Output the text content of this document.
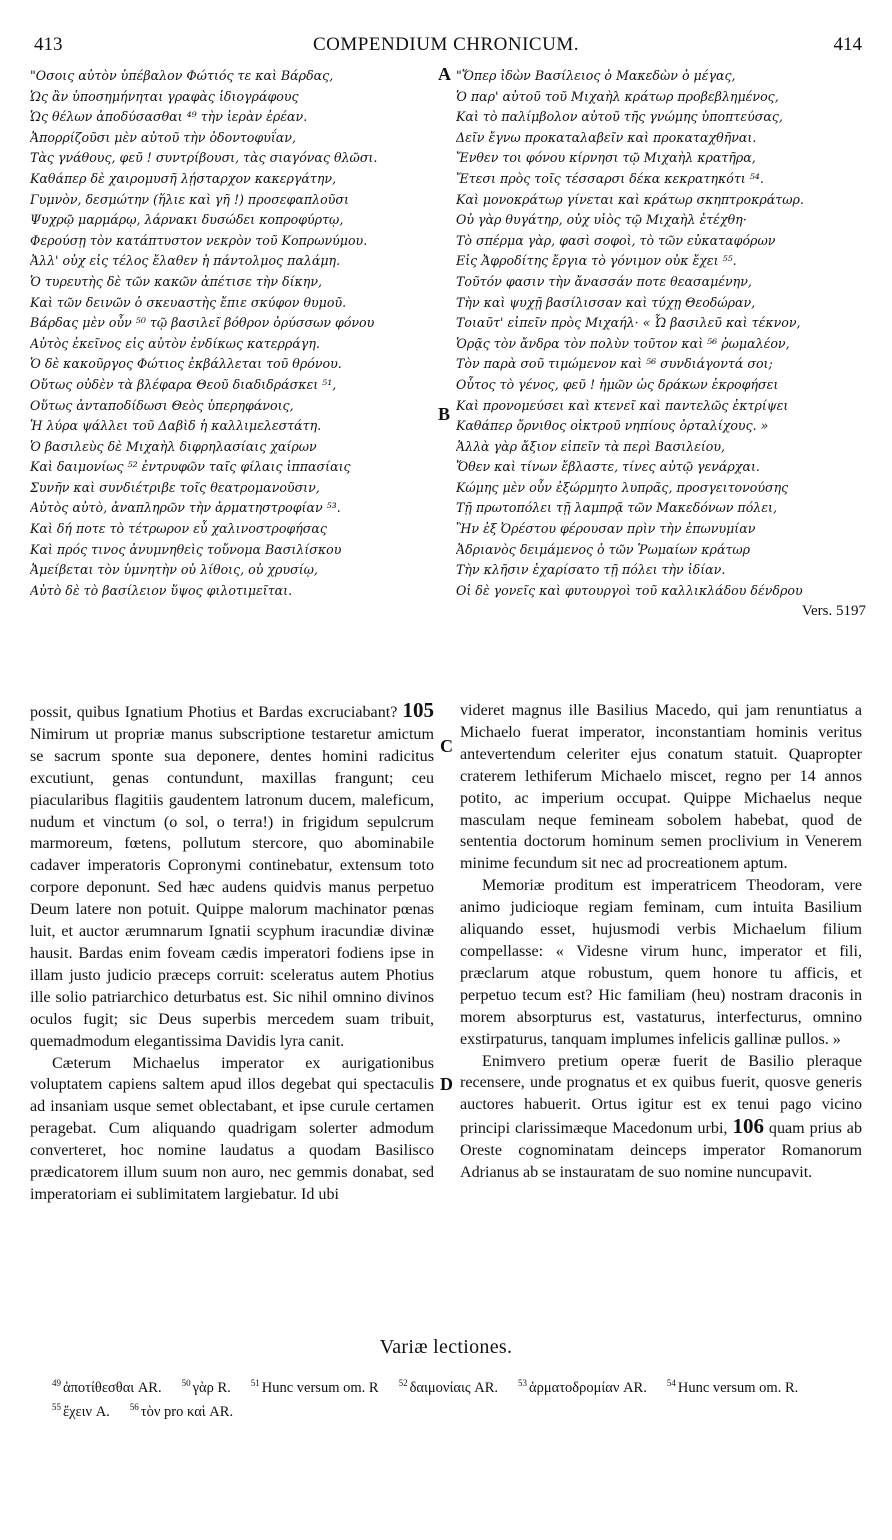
413	COMPENDIUM CHRONICUM.	414
"Οσοις αὐτὸν ὑπέβαλον Φώτιός τε καὶ Βάρδας,
Ὡς ἂν ὑποσημήνηται γραφὰς ἰδιογράφους
Ὡς θέλων ἀποδύσασθαι ⁴⁹ τὴν ἱερὰν ἐρέαν.
Ἀπορρίζοῦσι μὲν αὐτοῦ τὴν ὀδοντοφυΐαν,
Τὰς γνάθους, φεῦ ! συντρίβουσι, τὰς σιαγόνας θλῶσι.
Καθάπερ δὲ χαιρομυσῆ λῄσταρχον κακεργάτην,
Γυμνὸν, δεσμώτην (ἥλιε καὶ γῆ !) προσεφαπλοῦσι
Ψυχρῷ μαρμάρῳ, λάρνακι δυσώδει κοπροφύρτῳ,
Φερούσῃ τὸν κατάπτυστον νεκρὸν τοῦ Κοπρωνύμου.
Ἀλλ' οὐχ εἰς τέλος ἔλαθεν ἡ πάντολμος παλάμη.
Ὁ τυρευτὴς δὲ τῶν κακῶν ἀπέτισε τὴν δίκην,
Καὶ τῶν δεινῶν ὁ σκευαστὴς ἔπιε σκύφον θυμοῦ.
Βάρδας μὲν οὖν ⁵⁰ τῷ βασιλεῖ βόθρον ὀρύσσων φόνου
Αὐτὸς ἐκεῖνος εἰς αὐτὸν ἐνδίκως κατερράγη.
Ὁ δὲ κακοῦργος Φώτιος ἐκβάλλεται τοῦ θρόνου.
Οὕτως οὐδὲν τὰ βλέφαρα Θεοῦ διαδιδράσκει ⁵¹,
Οὕτως ἀνταποδίδωσι Θεὸς ὑπερηφάνοις,
Ἡ λύρα ψάλλει τοῦ Δαβὶδ ἡ καλλιμελεστάτη.
Ὁ βασιλεὺς δὲ Μιχαὴλ διφρηλασίαις χαίρων
Καὶ δαιμονίως ⁵² ἐντρυφῶν ταῖς φίλαις ἱππασίαις
Συνῆν καὶ συνδιέτριβε τοῖς θεατρομανοῦσιν,
Αὐτὸς αὐτὸ, ἀναπληρῶν τὴν ἁρματηστροφίαν ⁵³.
Καὶ δή ποτε τὸ τέτρωρον εὖ χαλινοστροφήσας
Καὶ πρός τινος ἀνυμνηθεὶς τοὔνομα Βασιλίσκου
Ἀμείβεται τὸν ὑμνητὴν οὐ λίθοις, οὐ χρυσίῳ,
Αὐτὸ δὲ τὸ βασίλειον ὕψος φιλοτιμεῖται.
"Ὅπερ ἰδὼν Βασίλειος ὁ Μακεδὼν ὁ μέγας,
Ὁ παρ' αὐτοῦ τοῦ Μιχαὴλ κράτωρ προβεβλημένος,
Καὶ τὸ παλίμβολον αὐτοῦ τῆς γνώμης ὑποπτεύσας,
Δεῖν ἔγνω προκαταλαβεῖν καὶ προκαταχθῆναι.
Ἔνθεν τοι φόνου κίρνησι τῷ Μιχαὴλ κρατῆρα,
Ἔτεσι πρὸς τοῖς τέσσαρσι δέκα κεκρατηκότι ⁵⁴.
Καὶ μονοκράτωρ γίνεται καὶ κράτωρ σκηπτροκράτωρ.
Οὐ γὰρ θυγάτηρ, οὐχ υἱὸς τῷ Μιχαὴλ ἐτέχθη·
Τὸ σπέρμα γὰρ, φασὶ σοφοὶ, τὸ τῶν εὐκαταφόρων
Εἰς Ἀφροδίτης ἔργια τὸ γόνιμον οὐκ ἔχει ⁵⁵.
Τοῦτόν φασιν τὴν ἄνασσάν ποτε θεασαμένην,
Τὴν καὶ ψυχῇ βασίλισσαν καὶ τύχῃ Θεοδώραν,
Τοιαῦτ' εἰπεῖν πρὸς Μιχαήλ· « Ὦ βασιλεῦ καὶ τέκνον,
Ὁρᾷς τὸν ἄνδρα τὸν πολὺν τοῦτον καὶ ⁵⁶ ῥωμαλέον,
Τὸν παρὰ σοῦ τιμώμενον καὶ ⁵⁶ συνδιάγοντά σοι;
Οὗτος τὸ γένος, φεῦ ! ἡμῶν ὡς δράκων ἐκροφήσει
Καὶ προνομεύσει καὶ κτενεῖ καὶ παντελῶς ἐκτρίψει
Καθάπερ ὄρνιθος οἰκτροῦ νηπίους ὀρταλίχους. »
Ἀλλὰ γὰρ ἄξιον εἰπεῖν τὰ περὶ Βασιλείου,
Ὅθεν καὶ τίνων ἔβλαστε, τίνες αὐτῷ γενάρχαι.
Κώμης μὲν οὖν ἐξώρμητο λυπρᾶς, προσγειτονούσης
Τῇ πρωτοπόλει τῇ λαμπρᾷ τῶν Μακεδόνων πόλει,
Ἣν ἐξ Ὀρέστου φέρουσαν πρὶν τὴν ἐπωνυμίαν
Ἀδριανὸς δειμάμενος ὁ τῶν Ῥωμαίων κράτωρ
Τὴν κλῆσιν ἐχαρίσατο τῇ πόλει τὴν ἰδίαν.
Οἱ δὲ γονεῖς καὶ φυτουργοὶ τοῦ καλλικλάδου δένδρου
Vers. 5197
A
B
C
D

possit, quibus Ignatium Photius et Bardas excruciabant? 105 Nimirum ut propriæ manus subscriptione testaretur amictum se sacrum sponte sua deponere, dentes homini radicitus excutiunt, genas contundunt, maxillas frangunt; ceu piacularibus flagitiis gaudentem latronum ducem, maleficum, nudum et vinctum (o sol, o terra!) in frigidum sepulcrum marmoreum, fœtens, pollutum stercore, quo abominabile cadaver imperatoris Copronymi continebatur, extensum toto corpore deponunt. Sed hæc audens quidvis manus perpetuo Deum latere non potuit. Quippe malorum machinator pœnas luit, et auctor ærumnarum Ignatii scyphum iracundiæ divinæ hausit. Bardas enim foveam cædis imperatori fodiens ipse in illam justo judicio præceps corruit: sceleratus autem Photius ille solio patriarchico deturbatus est. Sic nihil omnino divinos oculos fugit; sic Deus superbis mercedem suam tribuit, quemadmodum elegantissima Davidis lyra canit.

Cæterum Michaelus imperator ex aurigationibus voluptatem capiens saltem apud illos degebat qui spectaculis ad insaniam usque semet oblectabant, et ipse curule certamen peragebat. Cum aliquando quadrigam solerter admodum converteret, hoc nomine laudatus a quodam Basilisco prædicatorem illum suum non auro, nec gemmis donabat, sed imperatoriam ei sublimitatem largiebatur. Id ubi

videret magnus ille Basilius Macedo, qui jam renuntiatus a Michaelo fuerat imperator, inconstantiam hominis veritus antevertendum celeriter ejus conatum statuit. Quapropter craterem lethiferum Michaelo miscet, regno per 14 annos potito, ac imperium occupat. Quippe Michaelus neque masculam neque femineam sobolem habebat, quod de sententia doctorum hominum semen proclivium in Venerem minime fecundum sit nec ad procreationem aptum.

Memoriæ proditum est imperatricem Theodoram, vere animo judicioque regiam feminam, cum intuita Basilium aliquando esset, hujusmodi verbis Michaelum filium compellasse: « Videsne virum hunc, imperator et fili, præclarum atque robustum, quem honore tu afficis, et perpetuo tecum est? Hic familiam (heu) nostram draconis in morem absorpturus est, vastaturus, interfecturus, omnino exstirpaturus, tanquam implumes infelicis gallinæ pullos. »

Enimvero pretium operæ fuerit de Basilio pleraque recensere, unde prognatus et ex quibus fuerit, quosve generis auctores habuerit. Ortus igitur est ex tenui pago vicino principi clarissimæque Macedonum urbi, 106 quam prius ab Oreste cognominatam deinceps imperator Romanorum Adrianus ab se instauratam de suo nomine nuncupavit.

Variæ lectiones.
$^{49}$ ἀποτίθεσθαι AR. $^{50}$ γὰρ R. $^{51}$ Hunc versum om. R $^{52}$ δαιμονίαις AR. $^{53}$ ἁρματοδρομίαν AR. $^{54}$ Hunc versum om. R.$^{55}$ ἔχειν A. $^{56}$ τὸν pro καὶ AR.
